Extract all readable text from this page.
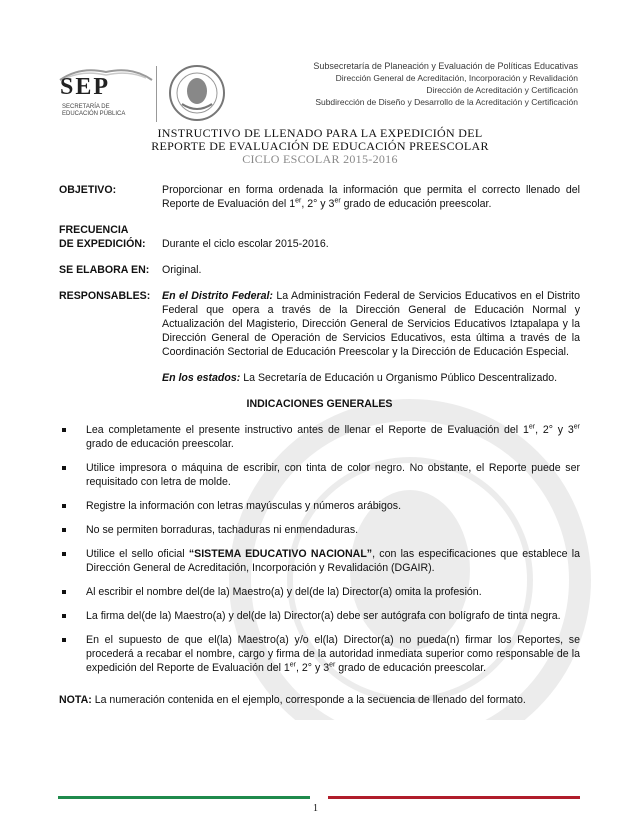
SEP
SECRETARÍA DE EDUCACIÓN PÚBLICA
Subsecretaría de Planeación y Evaluación de Políticas Educativas
Dirección General de Acreditación, Incorporación y Revalidación
Dirección de Acreditación y Certificación
Subdirección de Diseño y Desarrollo de la Acreditación y Certificación
INSTRUCTIVO DE LLENADO PARA LA EXPEDICIÓN DEL
REPORTE DE EVALUACIÓN DE EDUCACIÓN PREESCOLAR
CICLO ESCOLAR 2015-2016
OBJETIVO:	Proporcionar en forma ordenada la información que permita el correcto llenado del Reporte de Evaluación del 1er, 2° y 3er grado de educación preescolar.
FRECUENCIA
DE EXPEDICIÓN:	Durante el ciclo escolar 2015-2016.
SE ELABORA EN:	Original.
RESPONSABLES:	En el Distrito Federal: La Administración Federal de Servicios Educativos en el Distrito Federal que opera a través de la Dirección General de Educación Normal y Actualización del Magisterio, Dirección General de Servicios Educativos Iztapalapa y la Dirección General de Operación de Servicios Educativos, esta última a través de la Coordinación Sectorial de Educación Preescolar y la Dirección de Educación Especial.
En los estados: La Secretaría de Educación u Organismo Público Descentralizado.
INDICACIONES GENERALES
Lea completamente el presente instructivo antes de llenar el Reporte de Evaluación del 1er, 2° y 3er grado de educación preescolar.
Utilice impresora o máquina de escribir, con tinta de color negro. No obstante, el Reporte puede ser requisitado con letra de molde.
Registre la información con letras mayúsculas y números arábigos.
No se permiten borraduras, tachaduras ni enmendaduras.
Utilice el sello oficial “SISTEMA EDUCATIVO NACIONAL”, con las especificaciones que establece la Dirección General de Acreditación, Incorporación y Revalidación (DGAIR).
Al escribir el nombre del(de la) Maestro(a) y del(de la) Director(a) omita la profesión.
La firma del(de la) Maestro(a) y del(de la) Director(a) debe ser autógrafa con bolígrafo de tinta negra.
En el supuesto de que el(la) Maestro(a) y/o el(la) Director(a) no pueda(n) firmar los Reportes, se procederá a recabar el nombre, cargo y firma de la autoridad inmediata superior como responsable de la expedición del Reporte de Evaluación del 1er, 2° y 3er grado de educación preescolar.
NOTA: La numeración contenida en el ejemplo, corresponde a la secuencia de llenado del formato.
1
